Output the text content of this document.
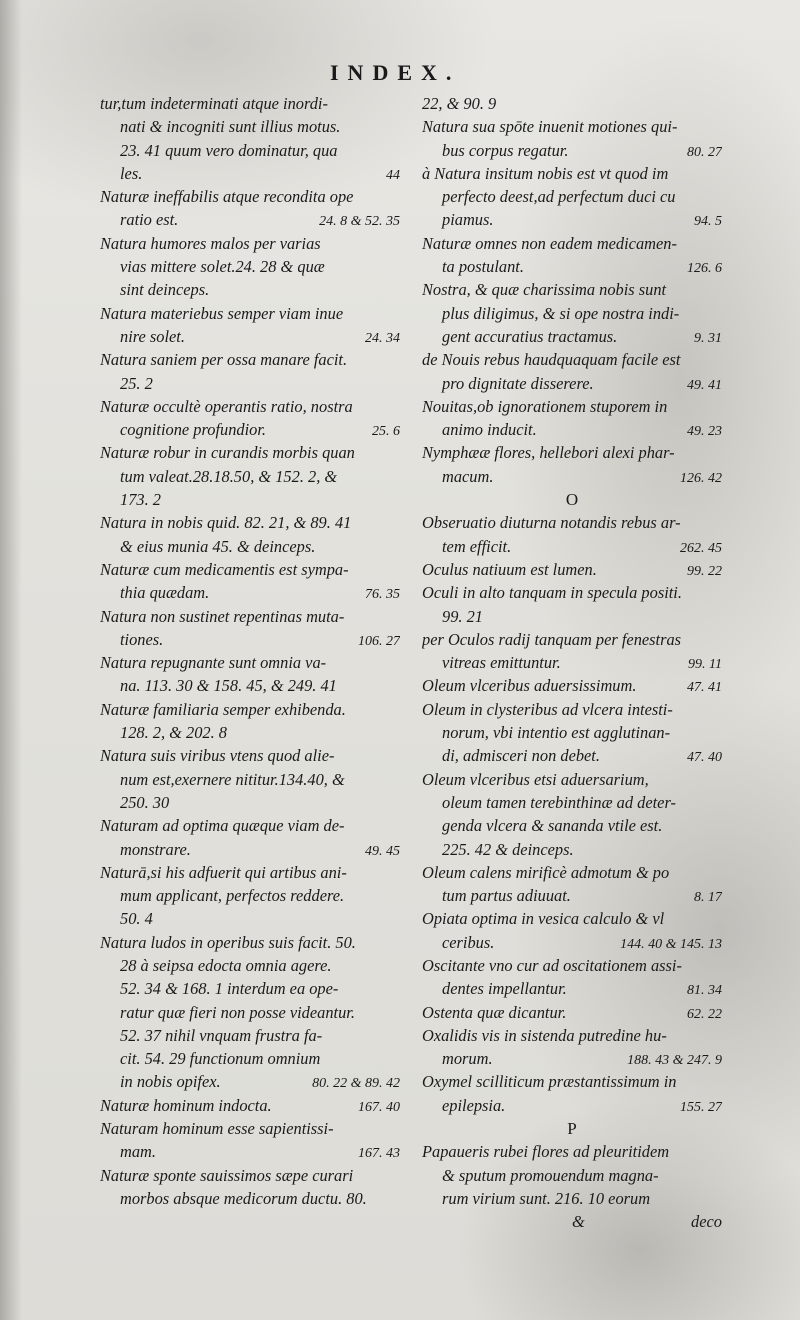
INDEX.
tur,tum indeterminati atque inordi-
nati & incogniti sunt illius motus.
23. 41 quum vero dominatur, qua
les.	44
Naturæ ineffabilis atque recondita ope
ratio est.	24. 8 & 52. 35
Natura humores malos per varias
vias mittere solet.24. 28 & quæ
sint deinceps.
Natura materiebus semper viam inue
nire solet.	24. 34
Natura saniem per ossa manare facit.
25. 2
Naturæ occultè operantis ratio, nostra
cognitione profundior.	25. 6
Naturæ robur in curandis morbis quan
tum valeat.28.18.50, & 152. 2, &
173. 2
Natura in nobis quid. 82. 21, & 89. 41
& eius munia 45. & deinceps.
Naturæ cum medicamentis est sympa-
thia quædam.	76. 35
Natura non sustinet repentinas muta-
tiones.	106. 27
Natura repugnante sunt omnia va-
na. 113. 30 & 158. 45, & 249. 41
Naturæ familiaria semper exhibenda.
128. 2, & 202. 8
Natura suis viribus vtens quod alie-
num est,exernere nititur.134.40, &
250. 30
Naturam ad optima quæque viam de-
monstrare.	49. 45
Naturā,si his adfuerit qui artibus ani-
mum applicant, perfectos reddere.
50. 4
Natura ludos in operibus suis facit. 50.
28 à seipsa edocta omnia agere.
52. 34 & 168. 1 interdum ea ope-
ratur quæ fieri non posse videantur.
52. 37 nihil vnquam frustra fa-
cit. 54. 29 functionum omnium
in nobis opifex.	80. 22 & 89. 42
Naturæ hominum indocta.	167. 40
Naturam hominum esse sapientissi-
mam.	167. 43
Naturæ sponte sauissimos sæpe curari
morbos absque medicorum ductu. 80.
22, & 90. 9
Natura sua spōte inuenit motiones qui-
bus corpus regatur.	80. 27
à Natura insitum nobis est vt quod im
perfecto deest,ad perfectum duci cu
piamus.	94. 5
Naturæ omnes non eadem medicamen-
ta postulant.	126. 6
Nostra, & quæ charissima nobis sunt
plus diligimus, & si ope nostra indi-
gent accuratius tractamus.	9. 31
de Nouis rebus haudquaquam facile est
pro dignitate disserere.	49. 41
Nouitas,ob ignorationem stuporem in
animo inducit.	49. 23
Nymphææ flores, hellebori alexi phar-
macum.	126. 42
O
Obseruatio diuturna notandis rebus ar-
tem efficit.	262. 45
Oculus natiuum est lumen.	99. 22
Oculi in alto tanquam in specula positi.
99. 21
per Oculos radij tanquam per fenestras
vitreas emittuntur.	99. 11
Oleum vlceribus aduersissimum.	47. 41
Oleum in clysteribus ad vlcera intesti-
norum, vbi intentio est agglutinan-
di, admisceri non debet.	47. 40
Oleum vlceribus etsi aduersarium,
oleum tamen terebinthinæ ad deter-
genda vlcera & sananda vtile est.
225. 42 & deinceps.
Oleum calens mirificè admotum & po
tum partus adiuuat.	8. 17
Opiata optima in vesica calculo & vl
ceribus.	144. 40 & 145. 13
Oscitante vno cur ad oscitationem assi-
dentes impellantur.	81. 34
Ostenta quæ dicantur.	62. 22
Oxalidis vis in sistenda putredine hu-
morum.	188. 43 & 247. 9
Oxymel scilliticum præstantissimum in
epilepsia.	155. 27
P
Papaueris rubei flores ad pleuritidem
& sputum promouendum magna-
rum virium sunt. 216. 10 eorum
&	deco
